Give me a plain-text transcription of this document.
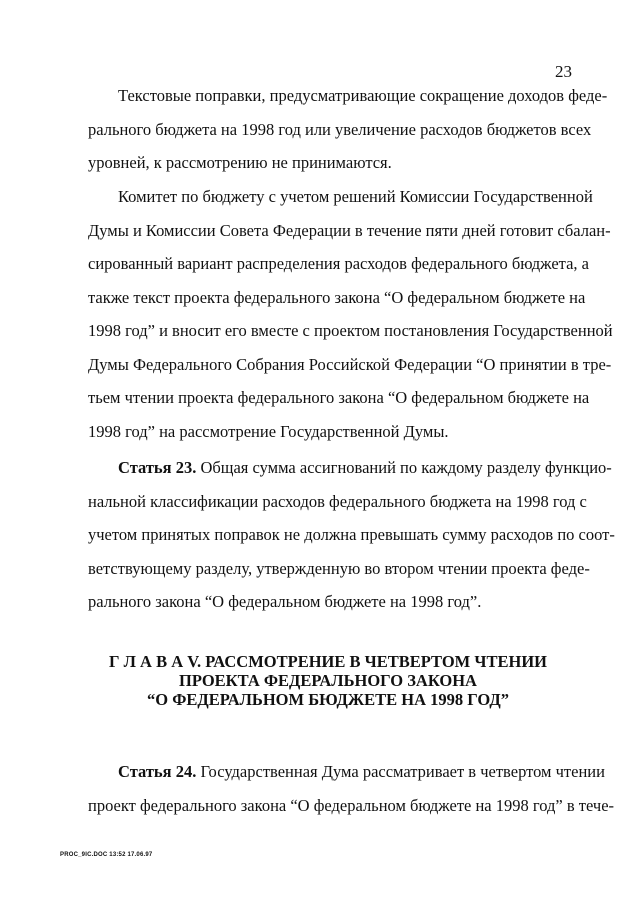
23
Текстовые поправки, предусматривающие сокращение доходов феде-
рального бюджета на 1998 год или увеличение расходов бюджетов всех
уровней, к рассмотрению не принимаются.
Комитет по бюджету с учетом решений Комиссии Государственной
Думы и Комиссии Совета Федерации в течение пяти дней готовит сбалан-
сированный вариант распределения расходов федерального бюджета, а
также текст проекта федерального закона “О федеральном бюджете на
1998 год” и вносит его вместе с проектом постановления Государственной
Думы Федерального Собрания Российской Федерации “О принятии в тре-
тьем чтении проекта федерального закона “О федеральном бюджете на
1998 год” на рассмотрение Государственной Думы.
Статья 23. Общая сумма ассигнований по каждому разделу функцио-
нальной классификации расходов федерального бюджета на 1998 год с
учетом принятых поправок не должна превышать сумму расходов по соот-
ветствующему разделу, утвержденную во втором чтении проекта феде-
рального закона “О федеральном бюджете на 1998 год”.
Г Л А В А V. РАССМОТРЕНИЕ В ЧЕТВЕРТОМ ЧТЕНИИ
ПРОЕКТА ФЕДЕРАЛЬНОГО ЗАКОНА
“О ФЕДЕРАЛЬНОМ БЮДЖЕТЕ НА 1998 ГОД”
Статья 24. Государственная Дума рассматривает в четвертом чтении
проект федерального закона “О федеральном бюджете на 1998 год” в тече-
PROC_9IC.DOC 13:52 17.06.97
